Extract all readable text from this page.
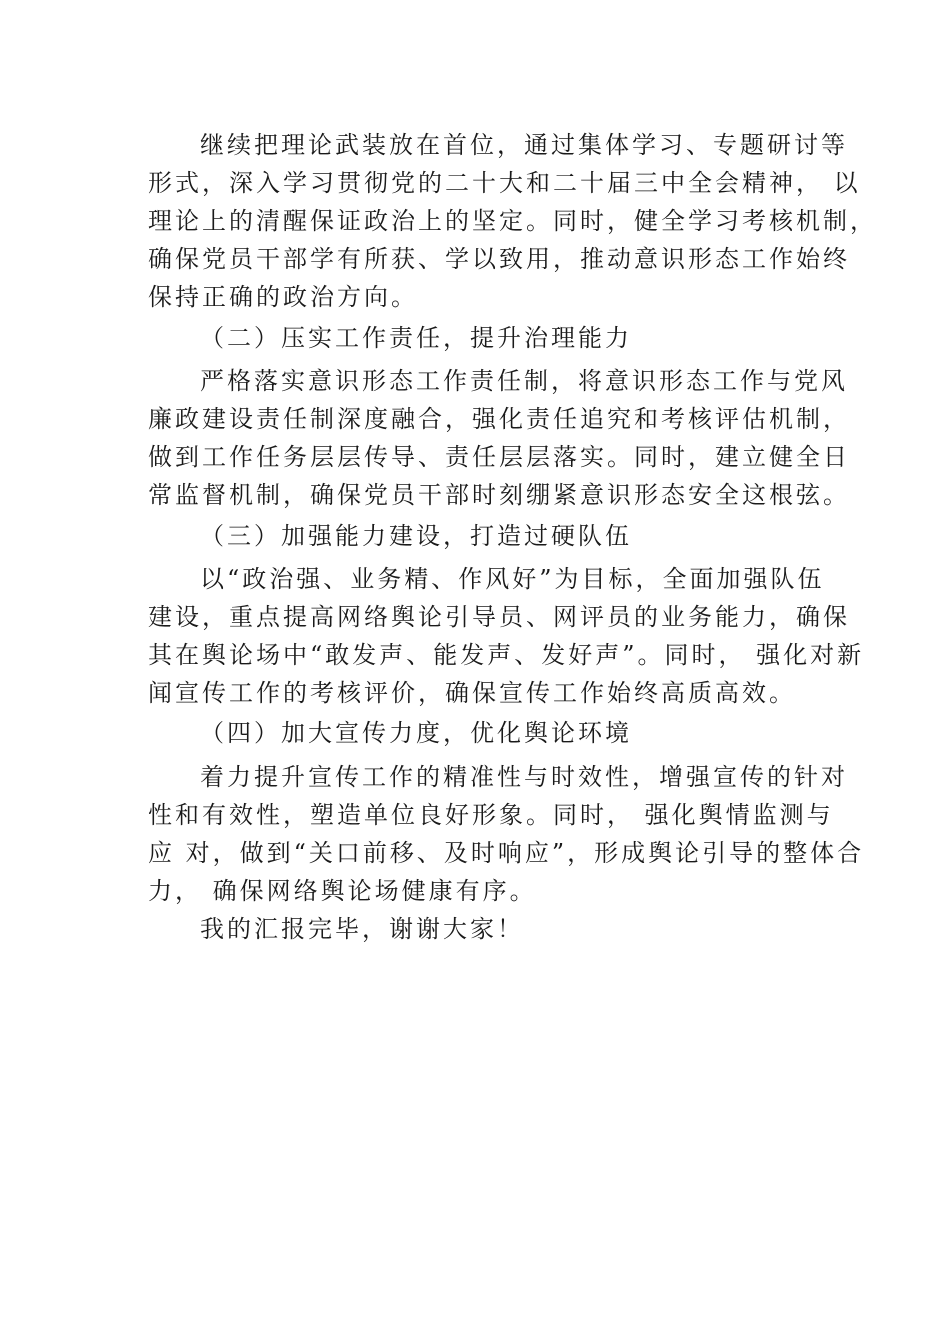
继续把理论武装放在首位，通过集体学习、专题研讨等
形式，深入学习贯彻党的二十大和二十届三中全会精神， 以
理论上的清醒保证政治上的坚定。同时，健全学习考核机制，
确保党员干部学有所获、学以致用，推动意识形态工作始终
保持正确的政治方向。
（二）压实工作责任，提升治理能力
严格落实意识形态工作责任制，将意识形态工作与党风
廉政建设责任制深度融合，强化责任追究和考核评估机制，
做到工作任务层层传导、责任层层落实。同时，建立健全日
常监督机制，确保党员干部时刻绷紧意识形态安全这根弦。
（三）加强能力建设，打造过硬队伍
以“政治强、业务精、作风好”为目标，全面加强队伍
建设，重点提高网络舆论引导员、网评员的业务能力，确保
其在舆论场中“敢发声、能发声、发好声”。同时， 强化对新
闻宣传工作的考核评价，确保宣传工作始终高质高效。
（四）加大宣传力度，优化舆论环境
着力提升宣传工作的精准性与时效性，增强宣传的针对
性和有效性，塑造单位良好形象。同时， 强化舆情监测与
应 对，做到“关口前移、及时响应”，形成舆论引导的整体合
力， 确保网络舆论场健康有序。
我的汇报完毕，谢谢大家！
